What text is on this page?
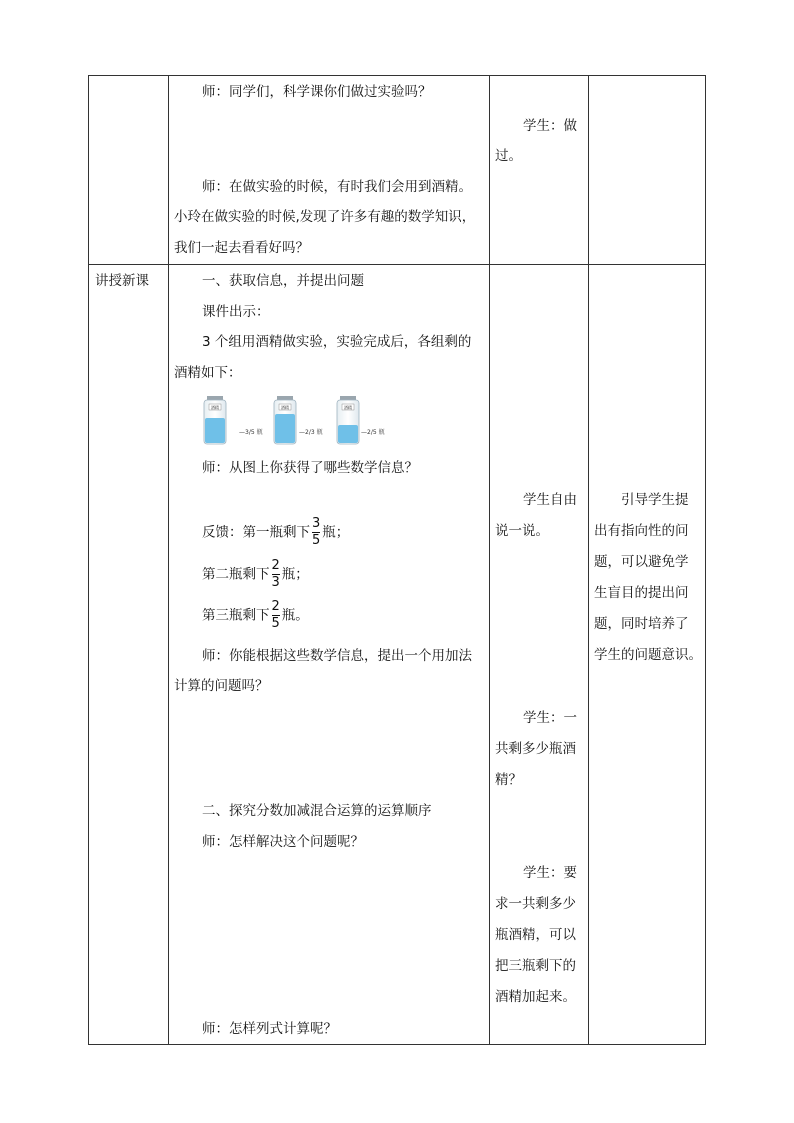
师：同学们，科学课你们做过实验吗？
学生：做
过。
师：在做实验的时候，有时我们会用到酒精。
小玲在做实验的时候,发现了许多有趣的数学知识，
我们一起去看看好吗？
讲授新课	一、获取信息，并提出问题
课件出示：
3 个组用酒精做实验，实验完成后，各组剩的
酒精如下：
酒精
—3/5 瓶
酒精
—2/3 瓶
酒精
—2/5 瓶
师：从图上你获得了哪些数学信息？
学生自由
说一说。
反馈：第一瓶剩下 $\frac{3}{5}$ 瓶；
第二瓶剩下 $\frac{2}{3}$ 瓶；
第三瓶剩下 $\frac{2}{5}$ 瓶。
引导学生提
出有指向性的问
题，可以避免学
生盲目的提出问
题，同时培养了
学生的问题意识。
师：你能根据这些数学信息，提出一个用加法
计算的问题吗？
学生：一
共剩多少瓶酒
精？
二、探究分数加减混合运算的运算顺序
师：怎样解决这个问题呢？
学生：要
求一共剩多少
瓶酒精，可以
把三瓶剩下的
酒精加起来。
师：怎样列式计算呢？
